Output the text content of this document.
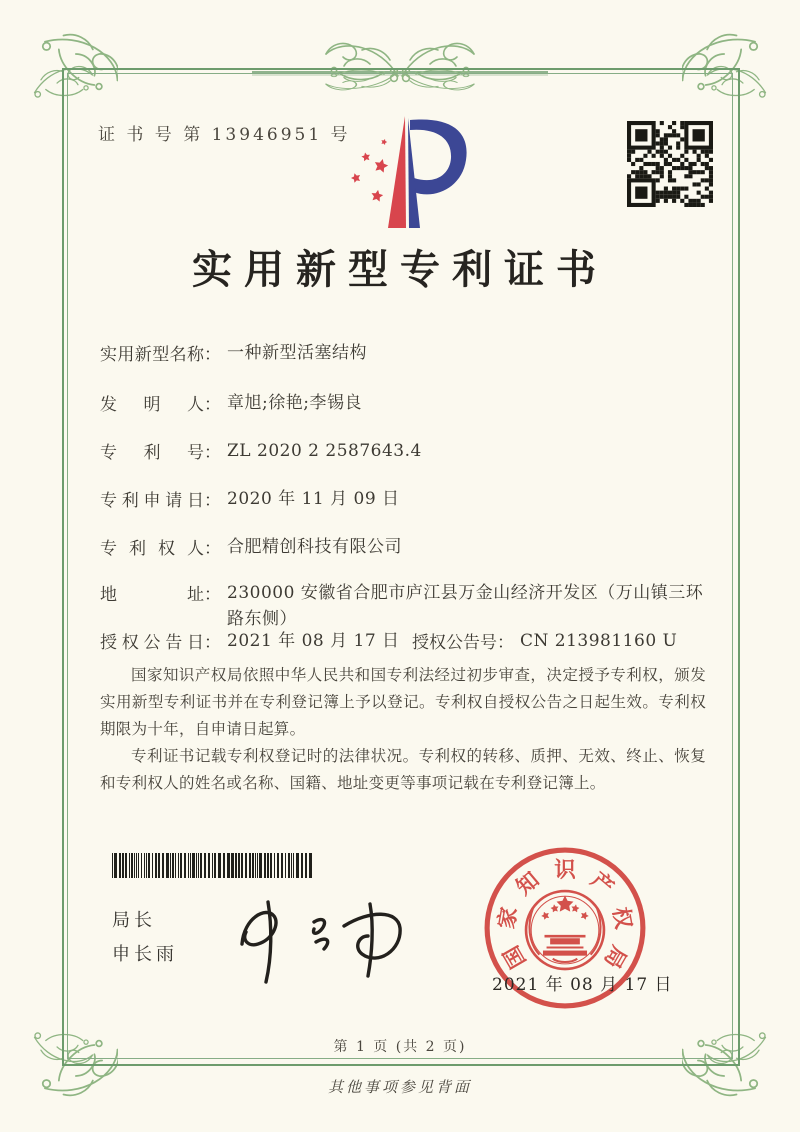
证 书 号 第 13946951 号
实用新型专利证书
实用新型名称 ： 一种新型活塞结构
发明人 ： 章旭;徐艳;李锡良
专利号 ： ZL 2020 2 2587643.4
专利申请日 ： 2020 年 11 月 09 日
专利权人 ： 合肥精创科技有限公司
地址 ： 230000 安徽省合肥市庐江县万金山经济开发区（万山镇三环路东侧）
授权公告日 ： 2021 年 08 月 17 日 授权公告号 ： CN 213981160 U

国家知识产权局依照中华人民共和国专利法经过初步审查，决定授予专利权，颁发实用新型专利证书并在专利登记簿上予以登记。专利权自授权公告之日起生效。专利权期限为十年，自申请日起算。

专利证书记载专利权登记时的法律状况。专利权的转移、质押、无效、终止、恢复和专利权人的姓名或名称、国籍、地址变更等事项记载在专利登记簿上。

局长
申长雨	国
家
知 识 产
权
局
2021 年 08 月 17 日
第 1 页 (共 2 页)
其他事项参见背面
